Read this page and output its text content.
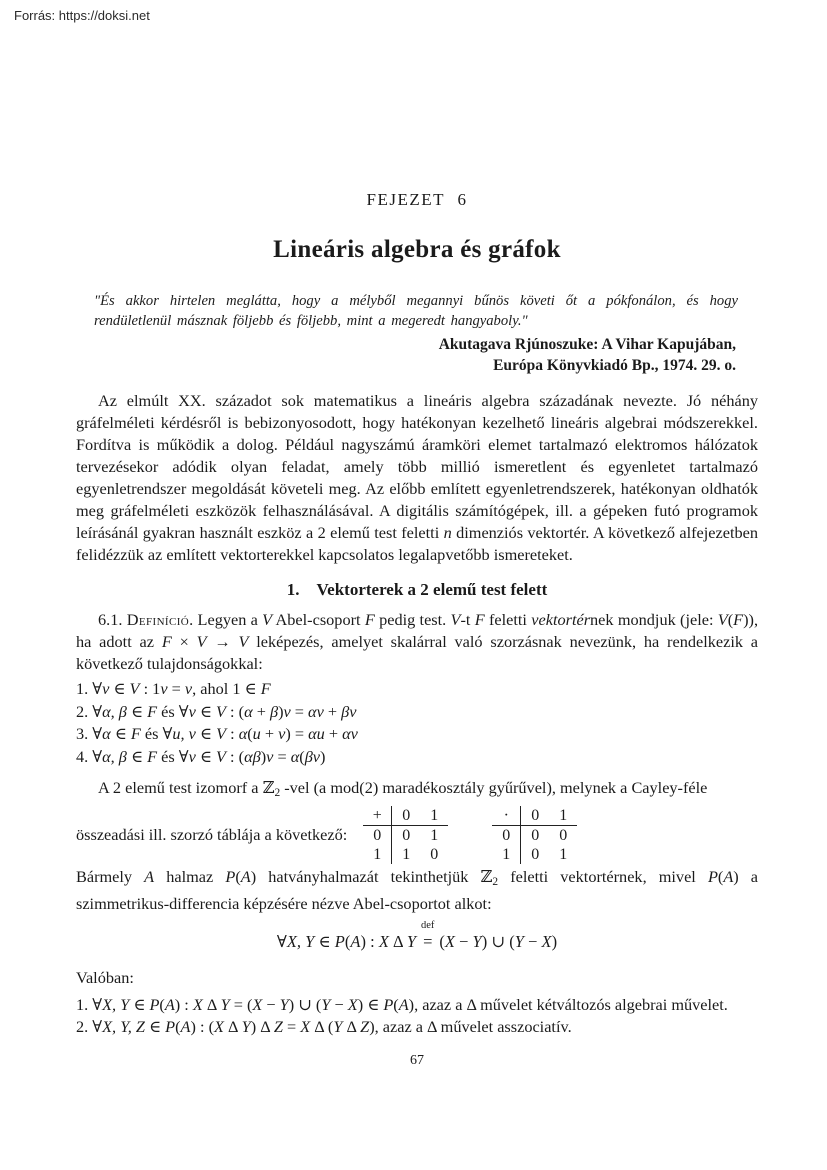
Forrás: https://doksi.net
FEJEZET 6
Lineáris algebra és gráfok
"És akkor hirtelen meglátta, hogy a mélyből megannyi bűnös követi őt a pókfonálon, és hogy rendületlenül másznak följebb és följebb, mint a megeredt hangyaboly."
Akutagava Rjúnoszuke: A Vihar Kapujában,
Európa Könyvkiadó Bp., 1974. 29. o.

Az elmúlt XX. századot sok matematikus a lineáris algebra századának nevezte. Jó néhány gráfelméleti kérdésről is bebizonyosodott, hogy hatékonyan kezelhető lineáris algebrai módszerekkel. Fordítva is működik a dolog. Például nagyszámú áramköri elemet tartalmazó elektromos hálózatok tervezésekor adódik olyan feladat, amely több millió ismeretlent és egyenletet tartalmazó egyenletrendszer megoldását követeli meg. Az előbb említett egyenletrendszerek, hatékonyan oldhatók meg gráfelméleti eszközök felhasználásával. A digitális számítógépek, ill. a gépeken futó programok leírásánál gyakran használt eszköz a 2 elemű test feletti n dimenziós vektortér. A következő alfejezetben felidézzük az említett vektorterekkel kapcsolatos legalapvetőbb ismereteket.

1. Vektorterek a 2 elemű test felett

6.1. Definíció. Legyen a V Abel-csoport F pedig test. V-t F feletti vektortérnek mondjuk (jele: V(F)), ha adott az F × V → V leképezés, amelyet skalárral való szorzásnak nevezünk, ha rendelkezik a következő tulajdonságokkal:

1. ∀v ∈ V : 1v = v, ahol 1 ∈ F
2. ∀α, β ∈ F és ∀v ∈ V : (α + β)v = αv + βv
3. ∀α ∈ F és ∀u, v ∈ V : α(u + v) = αu + αv
4. ∀α, β ∈ F és ∀v ∈ V : (αβ)v = α(βv)

A 2 elemű test izomorf a ℤ$_2$ -vel (a mod(2) maradékosztály gyűrűvel), melynek a Cayley-féle

összeadási ill. szorzó táblája a következő:
+	0	1
0	0	1
1	1	0
·	0	1
0	0	0
1	0	1

Bármely A halmaz P(A) hatványhalmazát tekinthetjük ℤ$_2$ feletti vektortérnek, mivel P(A) a szimmetrikus-differencia képzésére nézve Abel-csoportot alkot:

∀X, Y ∈ P(A) : X Δ Y
def
= (X − Y) ∪ (Y − X)

Valóban:

1. ∀X, Y ∈ P(A) : X Δ Y = (X − Y) ∪ (Y − X) ∈ P(A), azaz a Δ művelet kétváltozós algebrai művelet.
2. ∀X, Y, Z ∈ P(A) : (X Δ Y) Δ Z = X Δ (Y Δ Z), azaz a Δ művelet asszociatív.
67
